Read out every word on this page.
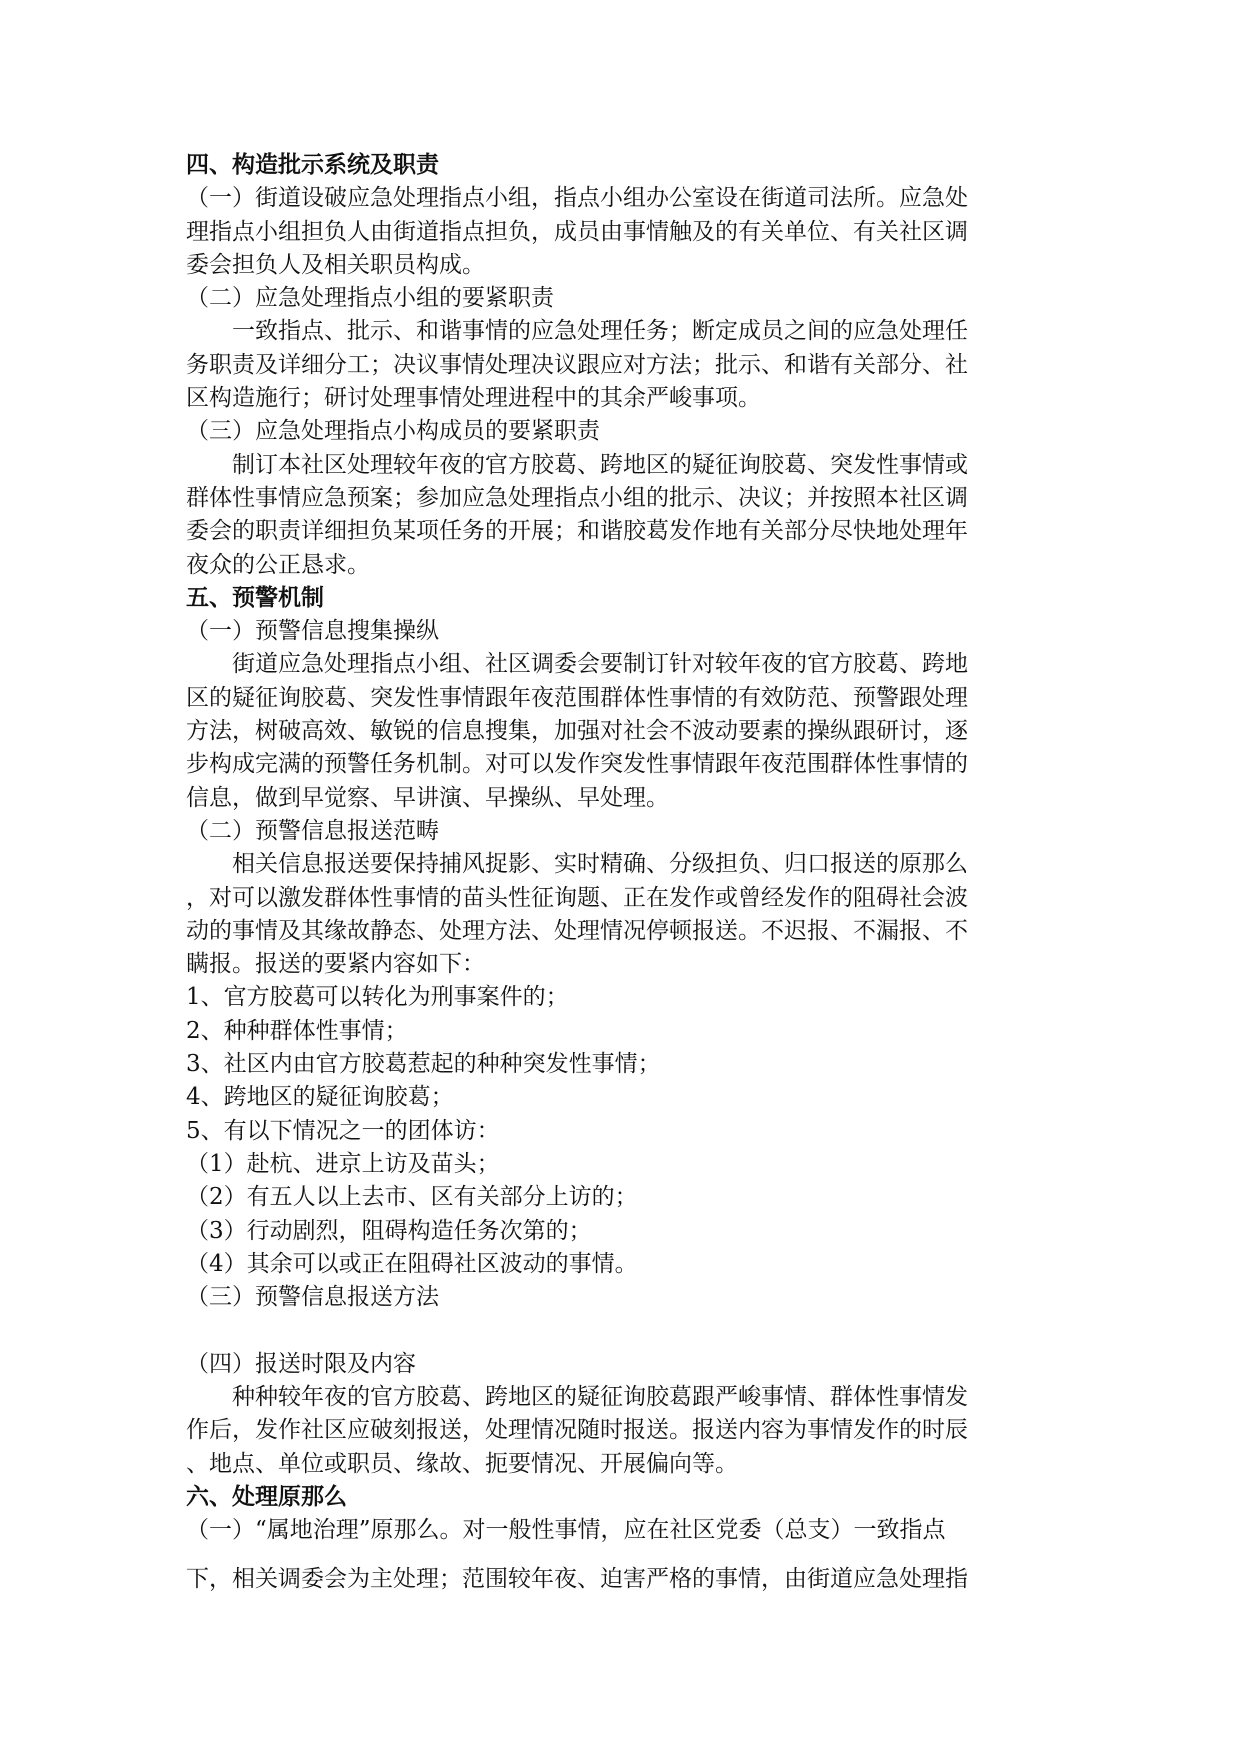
四、构造批示系统及职责
（一）街道设破应急处理指点小组，指点小组办公室设在街道司法所。应急处
理指点小组担负人由街道指点担负，成员由事情触及的有关单位、有关社区调
委会担负人及相关职员构成。
（二）应急处理指点小组的要紧职责
　　一致指点、批示、和谐事情的应急处理任务；断定成员之间的应急处理任
务职责及详细分工；决议事情处理决议跟应对方法；批示、和谐有关部分、社
区构造施行；研讨处理事情处理进程中的其余严峻事项。
（三）应急处理指点小构成员的要紧职责
　　制订本社区处理较年夜的官方胶葛、跨地区的疑征询胶葛、突发性事情或
群体性事情应急预案；参加应急处理指点小组的批示、决议；并按照本社区调
委会的职责详细担负某项任务的开展；和谐胶葛发作地有关部分尽快地处理年
夜众的公正恳求。
五、预警机制
（一）预警信息搜集操纵
　　街道应急处理指点小组、社区调委会要制订针对较年夜的官方胶葛、跨地
区的疑征询胶葛、突发性事情跟年夜范围群体性事情的有效防范、预警跟处理
方法，树破高效、敏锐的信息搜集，加强对社会不波动要素的操纵跟研讨，逐
步构成完满的预警任务机制。对可以发作突发性事情跟年夜范围群体性事情的
信息，做到早觉察、早讲演、早操纵、早处理。
（二）预警信息报送范畴
　　相关信息报送要保持捕风捉影、实时精确、分级担负、归口报送的原那么
，对可以激发群体性事情的苗头性征询题、正在发作或曾经发作的阻碍社会波
动的事情及其缘故静态、处理方法、处理情况停顿报送。不迟报、不漏报、不
瞒报。报送的要紧内容如下：
1、官方胶葛可以转化为刑事案件的；
2、种种群体性事情；
3、社区内由官方胶葛惹起的种种突发性事情；
4、跨地区的疑征询胶葛；
5、有以下情况之一的团体访：
（1）赴杭、进京上访及苗头；
（2）有五人以上去市、区有关部分上访的；
（3）行动剧烈，阻碍构造任务次第的；
（4）其余可以或正在阻碍社区波动的事情。
（三）预警信息报送方法
（四）报送时限及内容
　　种种较年夜的官方胶葛、跨地区的疑征询胶葛跟严峻事情、群体性事情发
作后，发作社区应破刻报送，处理情况随时报送。报送内容为事情发作的时辰
、地点、单位或职员、缘故、扼要情况、开展偏向等。
六、处理原那么
（一）“属地治理”原那么。对一般性事情，应在社区党委（总支）一致指点
下，相关调委会为主处理；范围较年夜、迫害严格的事情，由街道应急处理指
